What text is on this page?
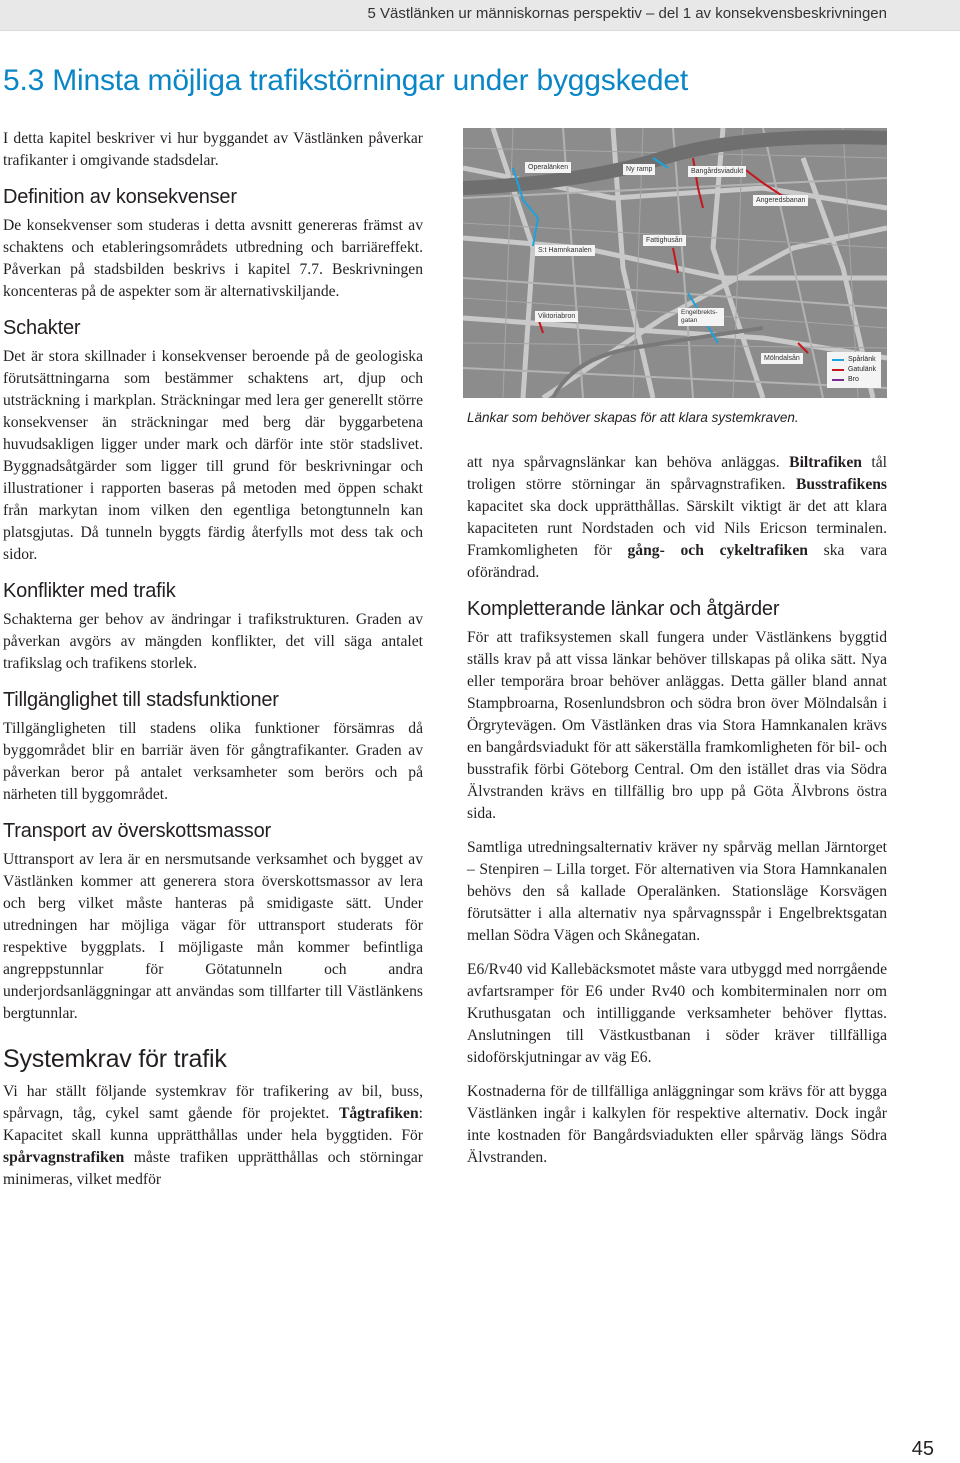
5 Västlänken ur människornas perspektiv – del 1 av konsekvensbeskrivningen
5.3 Minsta möjliga trafikstörningar under byggskedet

I detta kapitel beskriver vi hur byggandet av Västlänken påverkar trafikanter i omgivande stadsdelar.

Definition av konsekvenser

De konsekvenser som studeras i detta avsnitt genereras främst av schaktens och etableringsområdets utbredning och barriäreffekt. Påverkan på stadsbilden beskrivs i kapitel 7.7. Beskrivningen koncenteras på de aspekter som är alternativskiljande.

Schakter

Det är stora skillnader i konsekvenser beroende på de geologiska förutsättningarna som bestämmer schaktens art, djup och utsträckning i markplan. Sträckningar med lera ger generellt större konsekvenser än sträckningar med berg där byggarbetena huvudsakligen ligger under mark och därför inte stör stadslivet. Byggnadsåtgärder som ligger till grund för beskrivningar och illustrationer i rapporten baseras på metoden med öppen schakt från markytan inom vilken den egentliga betongtunneln kan platsgjutas. Då tunneln byggts färdig återfylls mot dess tak och sidor.

Konflikter med trafik

Schakterna ger behov av ändringar i trafikstrukturen. Graden av påverkan avgörs av mängden konflikter, det vill säga antalet trafikslag och trafikens storlek.

Tillgänglighet till stadsfunktioner

Tillgängligheten till stadens olika funktioner försämras då byggområdet blir en barriär även för gångtrafikanter. Graden av påverkan beror på antalet verksamheter som berörs och på närheten till byggområdet.

Transport av överskottsmassor

Uttransport av lera är en nersmutsande verksamhet och bygget av Västlänken kommer att generera stora överskottsmassor av lera och berg vilket måste hanteras på smidigaste sätt. Under utredningen har möjliga vägar för uttransport studerats för respektive byggplats. I möjligaste mån kommer befintliga angreppstunnlar för Götatunneln och andra underjordsanläggningar att användas som tillfarter till Västlänkens bergtunnlar.

Systemkrav för trafik

Vi har ställt följande systemkrav för trafikering av bil, buss, spårvagn, tåg, cykel samt gående för projektet. Tågtrafiken: Kapacitet skall kunna upprätthållas under hela byggtiden. För spårvagnstrafiken måste trafiken upprätthållas och störningar minimeras, vilket medför

Operalänken	Ny ramp	Bangårdsviadukt
Angeredsbanan
S:t Hamnkanalen
Fattighusån
Engelbrekts-gatan
Viktoriabron
Mölndalsån	Spårlänk
Gatulänk
Bro

Länkar som behöver skapas för att klara systemkraven.

att nya spårvagnslänkar kan behöva anläggas. Biltrafiken tål troligen större störningar än spårvagnstrafiken. Busstrafikens kapacitet ska dock upprätthållas. Särskilt viktigt är det att klara kapaciteten runt Nordstaden och vid Nils Ericson terminalen. Framkomligheten för gång- och cykeltrafiken ska vara oförändrad.

Kompletterande länkar och åtgärder

För att trafiksystemen skall fungera under Västlänkens byggtid ställs krav på att vissa länkar behöver tillskapas på olika sätt. Nya eller temporära broar behöver anläggas. Detta gäller bland annat Stampbroarna, Rosenlundsbron och södra bron över Mölndalsån i Örgrytevägen. Om Västlänken dras via Stora Hamnkanalen krävs en bangårdsviadukt för att säkerställa framkomligheten för bil- och busstrafik förbi Göteborg Central. Om den istället dras via Södra Älvstranden krävs en tillfällig bro upp på Göta Älvbrons östra sida.

Samtliga utredningsalternativ kräver ny spårväg mellan Järntorget – Stenpiren – Lilla torget. För alternativen via Stora Hamnkanalen behövs den så kallade Operalänken. Stationsläge Korsvägen förutsätter i alla alternativ nya spårvagnsspår i Engelbrektsgatan mellan Södra Vägen och Skånegatan.

E6/Rv40 vid Kallebäcksmotet måste vara utbyggd med norrgående avfartsramper för E6 under Rv40 och kombiterminalen norr om Kruthusgatan och intilliggande verksamheter behöver flyttas. Anslutningen till Västkustbanan i söder kräver tillfälliga sidoförskjutningar av väg E6.

Kostnaderna för de tillfälliga anläggningar som krävs för att bygga Västlänken ingår i kalkylen för respektive alternativ. Dock ingår inte kostnaden för Bangårdsviadukten eller spårväg längs Södra Älvstranden.

45
